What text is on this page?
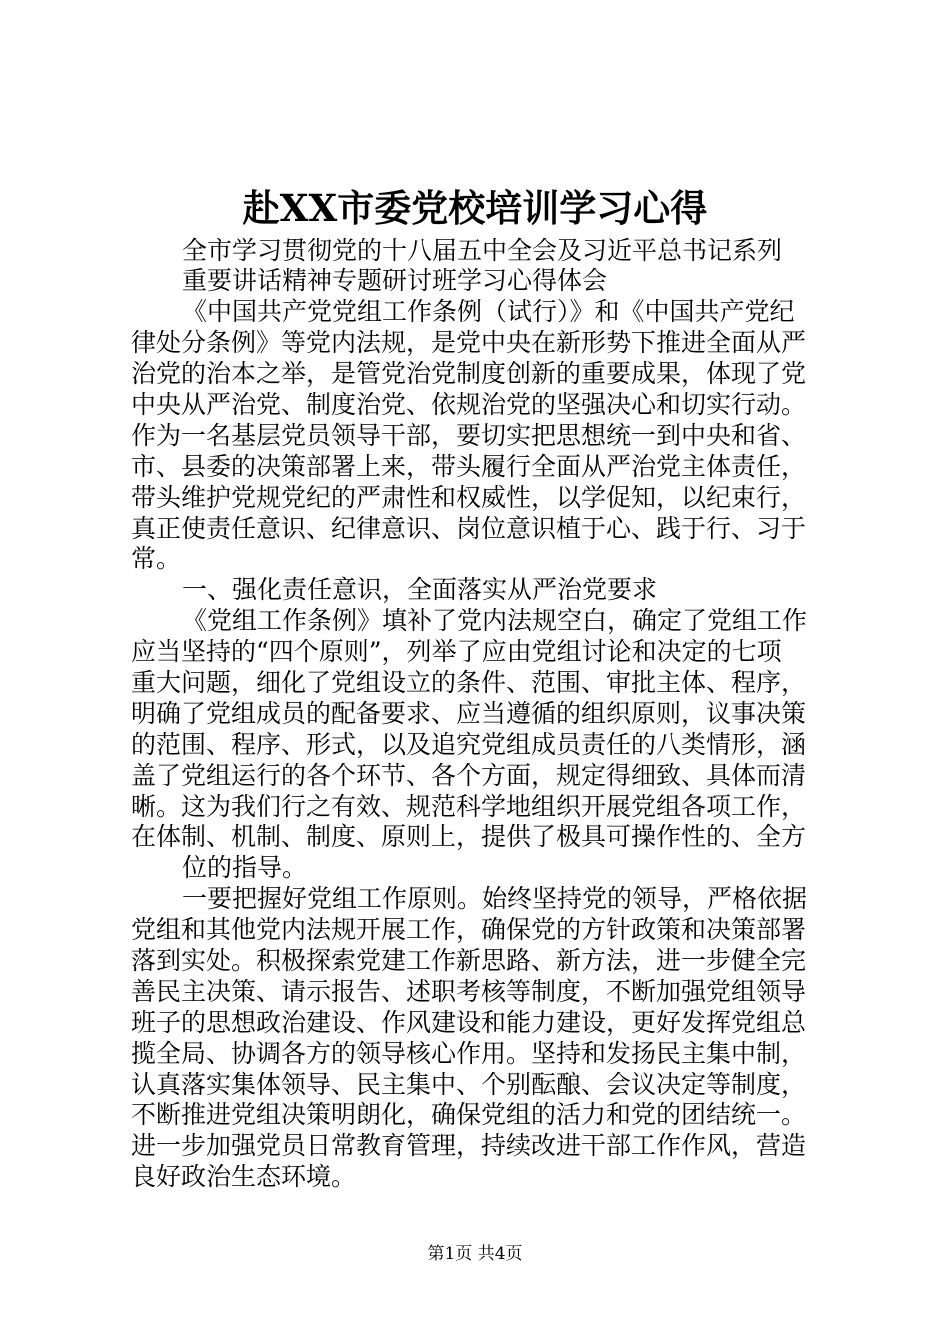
赴XX市委党校培训学习心得
全市学习贯彻党的十八届五中全会及习近平总书记系列
重要讲话精神专题研讨班学习心得体会
《中国共产党党组工作条例（试行）》和《中国共产党纪
律处分条例》等党内法规，是党中央在新形势下推进全面从严
治党的治本之举，是管党治党制度创新的重要成果，体现了党
中央从严治党、制度治党、依规治党的坚强决心和切实行动。
作为一名基层党员领导干部，要切实把思想统一到中央和省、
市、县委的决策部署上来，带头履行全面从严治党主体责任，
带头维护党规党纪的严肃性和权威性，以学促知，以纪束行，
真正使责任意识、纪律意识、岗位意识植于心、践于行、习于
常。
一、强化责任意识，全面落实从严治党要求
《党组工作条例》填补了党内法规空白，确定了党组工作
应当坚持的“四个原则”，列举了应由党组讨论和决定的七项
重大问题，细化了党组设立的条件、范围、审批主体、程序，
明确了党组成员的配备要求、应当遵循的组织原则，议事决策
的范围、程序、形式，以及追究党组成员责任的八类情形，涵
盖了党组运行的各个环节、各个方面，规定得细致、具体而清
晰。这为我们行之有效、规范科学地组织开展党组各项工作，
在体制、机制、制度、原则上，提供了极具可操作性的、全方
位的指导。
一要把握好党组工作原则。始终坚持党的领导，严格依据
党组和其他党内法规开展工作，确保党的方针政策和决策部署
落到实处。积极探索党建工作新思路、新方法，进一步健全完
善民主决策、请示报告、述职考核等制度，不断加强党组领导
班子的思想政治建设、作风建设和能力建设，更好发挥党组总
揽全局、协调各方的领导核心作用。坚持和发扬民主集中制，
认真落实集体领导、民主集中、个别酝酿、会议决定等制度，
不断推进党组决策明朗化，确保党组的活力和党的团结统一。
进一步加强党员日常教育管理，持续改进干部工作作风，营造
良好政治生态环境。
第1页 共4页
